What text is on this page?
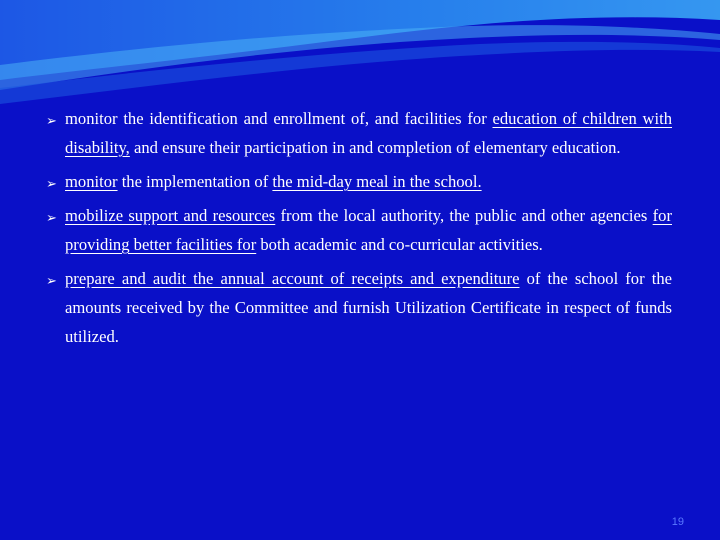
➢ monitor the identification and enrollment of, and facilities for education of children with disability, and ensure their participation in and completion of elementary education.
➢ monitor the implementation of the mid-day meal in the school.
➢ mobilize support and resources from the local authority, the public and other agencies for providing better facilities for both academic and co-curricular activities.
➢ prepare and audit the annual account of receipts and expenditure of the school for the amounts received by the Committee and furnish Utilization Certificate in respect of funds utilized.
19
